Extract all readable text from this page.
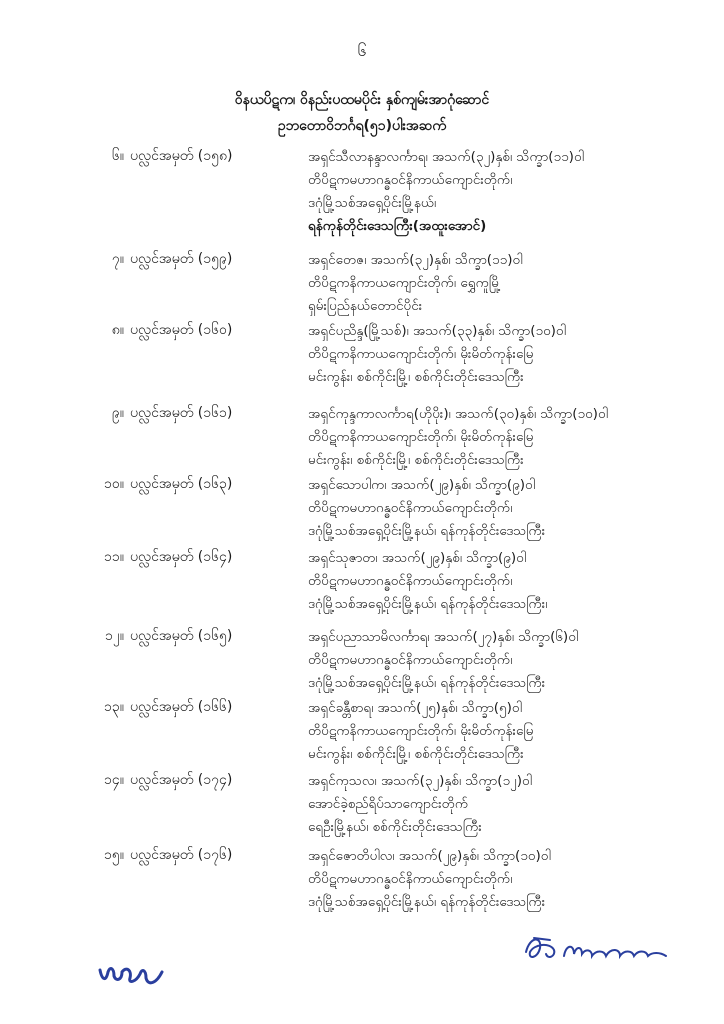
၆
ဝိနယပိဋက၊ ဝိနည်းပထမပိုင်း နှစ်ကျမ်းအာဂုံဆောင်
ဥဘတောဝိဘင်္ဂရ(၅၁)ပါးအဆက်
၆။ ပလ္လင်အမှတ် (၁၅၈)	အရှင်သီလာနန္ဒာလင်္ကာရ၊ အသက်(၃၂)နှစ်၊ သိက္ခာ(၁၁)ဝါ
တိပိဋကမဟာဂန္ဓဝင်နိကာယ်ကျောင်းတိုက်၊
ဒဂုံမြို့သစ်အရှေ့ပိုင်းမြို့နယ်၊
ရန်ကုန်တိုင်းဒေသကြီး(အထူးအောင်)
၇။ ပလ္လင်အမှတ် (၁၅၉)	အရှင်တေဇ၊ အသက်(၃၂)နှစ်၊ သိက္ခာ(၁၁)ဝါ
တိပိဋကနိကာယကျောင်းတိုက်၊ ရွှေကူမြို့
ရှမ်းပြည်နယ်တောင်ပိုင်း
၈။ ပလ္လင်အမှတ် (၁၆၀)	အရှင်ပညိန္ဒ(မြို့သစ်)၊ အသက်(၃၃)နှစ်၊ သိက္ခာ(၁၀)ဝါ
တိပိဋကနိကာယကျောင်းတိုက်၊ မိုးမိတ်ကုန်းမြေ
မင်းကွန်း၊ စစ်ကိုင်းမြို့၊ စစ်ကိုင်းတိုင်းဒေသကြီး
၉။ ပလ္လင်အမှတ် (၁၆၁)	အရှင်ကုန္ဒကာလင်္ကာရ(ဟိုပိုး)၊ အသက်(၃၀)နှစ်၊ သိက္ခာ(၁၀)ဝါ
တိပိဋကနိကာယကျောင်းတိုက်၊ မိုးမိတ်ကုန်းမြေ
မင်းကွန်း၊ စစ်ကိုင်းမြို့၊ စစ်ကိုင်းတိုင်းဒေသကြီး
၁၀။ ပလ္လင်အမှတ် (၁၆၃)	အရှင်သောပါက၊ အသက်(၂၉)နှစ်၊ သိက္ခာ(၉)ဝါ
တိပိဋကမဟာဂန္ဓဝင်နိကာယ်ကျောင်းတိုက်၊
ဒဂုံမြို့သစ်အရှေ့ပိုင်းမြို့နယ်၊ ရန်ကုန်တိုင်းဒေသကြီး
၁၁။ ပလ္လင်အမှတ် (၁၆၄)	အရှင်သုဇာတ၊ အသက်(၂၉)နှစ်၊ သိက္ခာ(၉)ဝါ
တိပိဋကမဟာဂန္ဓဝင်နိကာယ်ကျောင်းတိုက်၊
ဒဂုံမြို့သစ်အရှေ့ပိုင်းမြို့နယ်၊ ရန်ကုန်တိုင်းဒေသကြီး၊
၁၂။ ပလ္လင်အမှတ် (၁၆၅)	အရှင်ပညာသာမိလင်္ကာရ၊ အသက်(၂၇)နှစ်၊ သိက္ခာ(၆)ဝါ
တိပိဋကမဟာဂန္ဓဝင်နိကာယ်ကျောင်းတိုက်၊
ဒဂုံမြို့သစ်အရှေ့ပိုင်းမြို့နယ်၊ ရန်ကုန်တိုင်းဒေသကြီး
၁၃။ ပလ္လင်အမှတ် (၁၆၆)	အရှင်ခန္တီစာရ၊ အသက်(၂၅)နှစ်၊ သိက္ခာ(၅)ဝါ
တိပိဋကနိကာယကျောင်းတိုက်၊ မိုးမိတ်ကုန်းမြေ
မင်းကွန်း၊ စစ်ကိုင်းမြို့၊ စစ်ကိုင်းတိုင်းဒေသကြီး
၁၄။ ပလ္လင်အမှတ် (၁၇၄)	အရှင်ကုသလ၊ အသက်(၃၂)နှစ်၊ သိက္ခာ(၁၂)ဝါ
အောင်ခဲ့စည်ရိပ်သာကျောင်းတိုက်
ရေဦးမြို့နယ်၊ စစ်ကိုင်းတိုင်းဒေသကြီး
၁၅။ ပလ္လင်အမှတ် (၁၇၆)	အရှင်ဇောတိပါလ၊ အသက်(၂၉)နှစ်၊ သိက္ခာ(၁၀)ဝါ
တိပိဋကမဟာဂန္ဓဝင်နိကာယ်ကျောင်းတိုက်၊
ဒဂုံမြို့သစ်အရှေ့ပိုင်းမြို့နယ်၊ ရန်ကုန်တိုင်းဒေသကြီး
